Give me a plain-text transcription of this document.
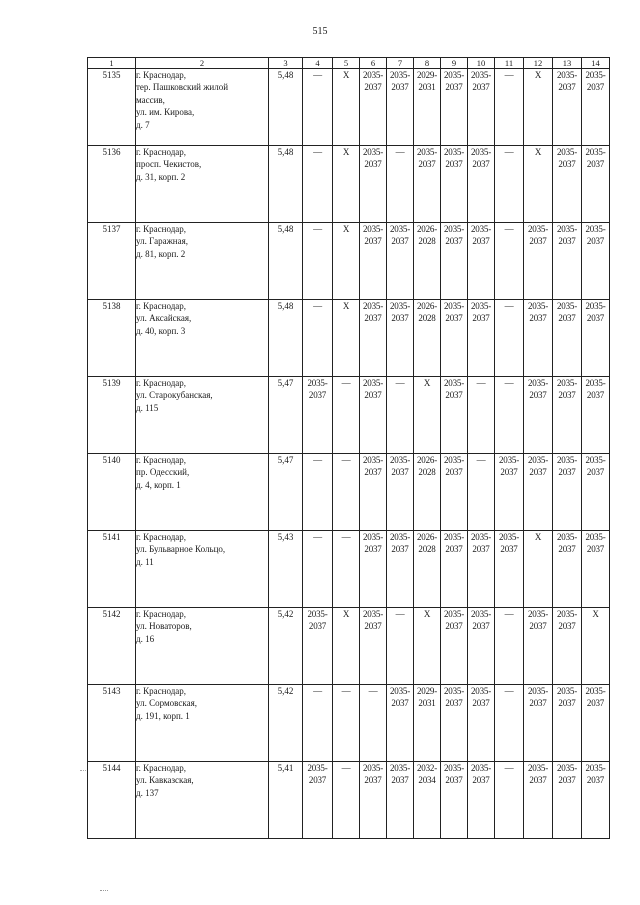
515
1	2	3	4	5	6	7	8	9	10	11	12	13	14
5135	г. Краснодар,
тер. Пашковский жилой
массив,
ул. им. Кирова,
д. 7	5,48	—	X	2035-
2037	2035-
2037	2029-
2031	2035-
2037	2035-
2037	—	X	2035-
2037	2035-
2037

5136	г. Краснодар,
просп. Чекистов,
д. 31, корп. 2	5,48	—	X	2035-
2037	—	2035-
2037	2035-
2037	2035-
2037	—	X	2035-
2037	2035-
2037

5137	г. Краснодар,
ул. Гаражная,
д. 81, корп. 2	5,48	—	X	2035-
2037	2035-
2037	2026-
2028	2035-
2037	2035-
2037	—	2035-
2037	2035-
2037	2035-
2037

5138	г. Краснодар,
ул. Аксайская,
д. 40, корп. 3	5,48	—	X	2035-
2037	2035-
2037	2026-
2028	2035-
2037	2035-
2037	—	2035-
2037	2035-
2037	2035-
2037

5139	г. Краснодар,
ул. Старокубанская,
д. 115	5,47	2035-
2037	—	2035-
2037	—	X	2035-
2037	—	—	2035-
2037	2035-
2037	2035-
2037

5140	г. Краснодар,
пр. Одесский,
д. 4, корп. 1	5,47	—	—	2035-
2037	2035-
2037	2026-
2028	2035-
2037	—	2035-
2037	2035-
2037	2035-
2037	2035-
2037

5141	г. Краснодар,
ул. Бульварное Кольцо,
д. 11	5,43	—	—	2035-
2037	2035-
2037	2026-
2028	2035-
2037	2035-
2037	2035-
2037	X	2035-
2037	2035-
2037

5142	г. Краснодар,
ул. Новаторов,
д. 16	5,42	2035-
2037	X	2035-
2037	—	X	2035-
2037	2035-
2037	—	2035-
2037	2035-
2037	X

5143	г. Краснодар,
ул. Сормовская,
д. 191, корп. 1	5,42	—	—	—	2035-
2037	2029-
2031	2035-
2037	2035-
2037	—	2035-
2037	2035-
2037	2035-
2037

5144	г. Краснодар,
ул. Кавказская,
д. 137	5,41	2035-
2037	—	2035-
2037	2035-
2037	2032-
2034	2035-
2037	2035-
2037	—	2035-
2037	2035-
2037	2035-
2037
